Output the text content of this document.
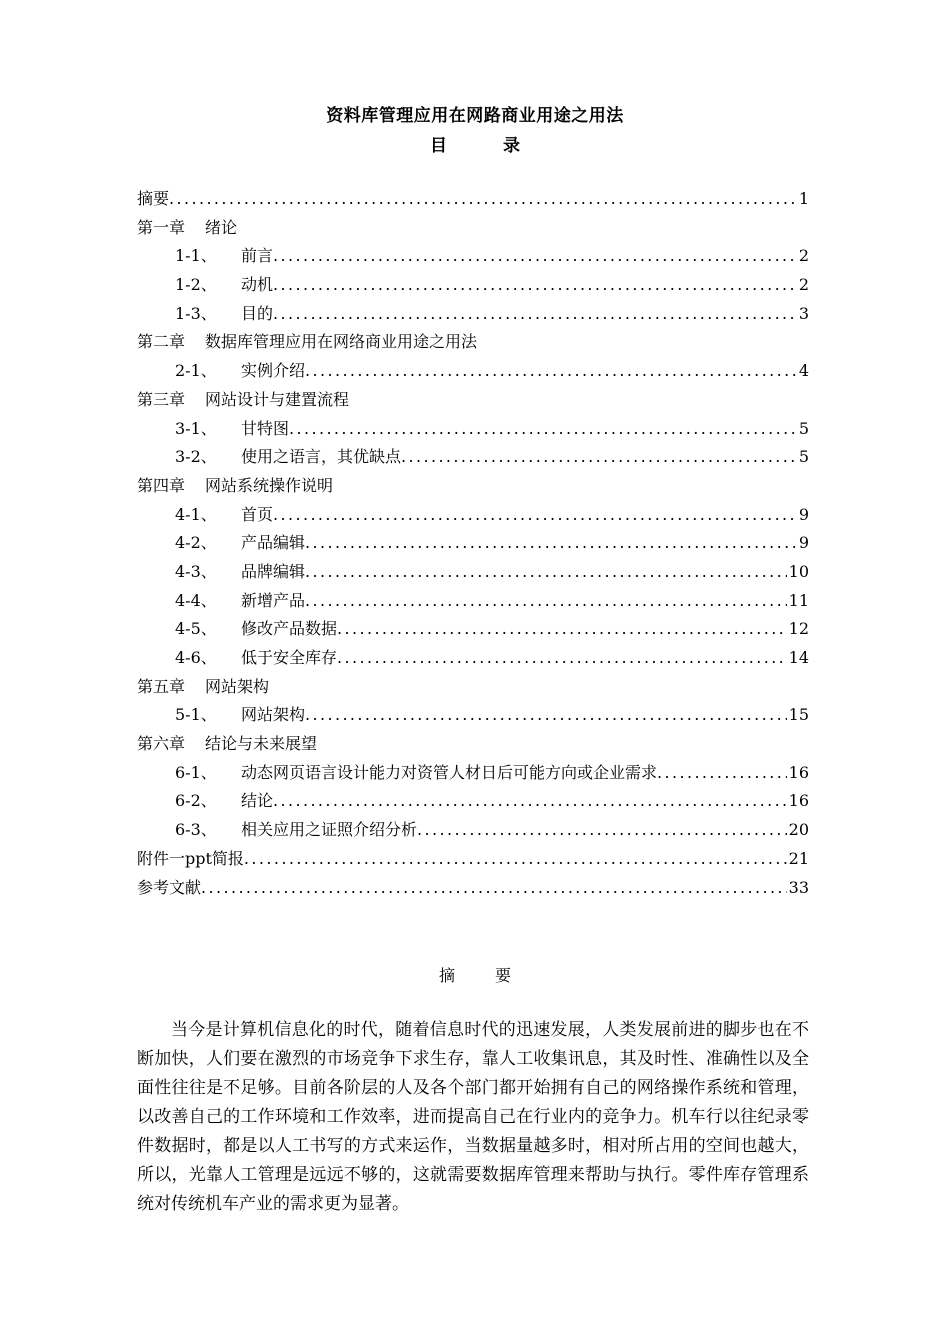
资料库管理应用在网路商业用途之用法
目	录
摘要 .....	1
第一章 绪论
1-1、 前言 .....	2
1-2、 动机 .....	2
1-3、 目的 .....	3
第二章 数据库管理应用在网络商业用途之用法
2-1、 实例介绍 .....	4
第三章 网站设计与建置流程
3-1、 甘特图 .....	5
3-2、 使用之语言，其优缺点 .....	5
第四章 网站系统操作说明
4-1、 首页 .....	9
4-2、 产品编辑 .....	9
4-3、 品牌编辑 .....	10
4-4、 新增产品 .....	11
4-5、 修改产品数据 .....	12
4-6、 低于安全库存 .....	14
第五章 网站架构
5-1、 网站架构 .....	15
第六章 结论与未来展望
6-1、 动态网页语言设计能力对资管人材日后可能方向或企业需求 .....	16
6-2、 结论 .....	16
6-3、 相关应用之证照介绍分析 .....	20
附件一ppt简报 .....	21
参考文献 .....	33
摘	要
当今是计算机信息化的时代，随着信息时代的迅速发展，人类发展前进的脚步也在不断加快，人们要在激烈的市场竞争下求生存，靠人工收集讯息，其及时性、准确性以及全面性往往是不足够。目前各阶层的人及各个部门都开始拥有自己的网络操作系统和管理，以改善自己的工作环境和工作效率，进而提高自己在行业内的竞争力。机车行以往纪录零件数据时，都是以人工书写的方式来运作，当数据量越多时，相对所占用的空间也越大，所以，光靠人工管理是远远不够的，这就需要数据库管理来帮助与执行。零件库存管理系统对传统机车产业的需求更为显著。
